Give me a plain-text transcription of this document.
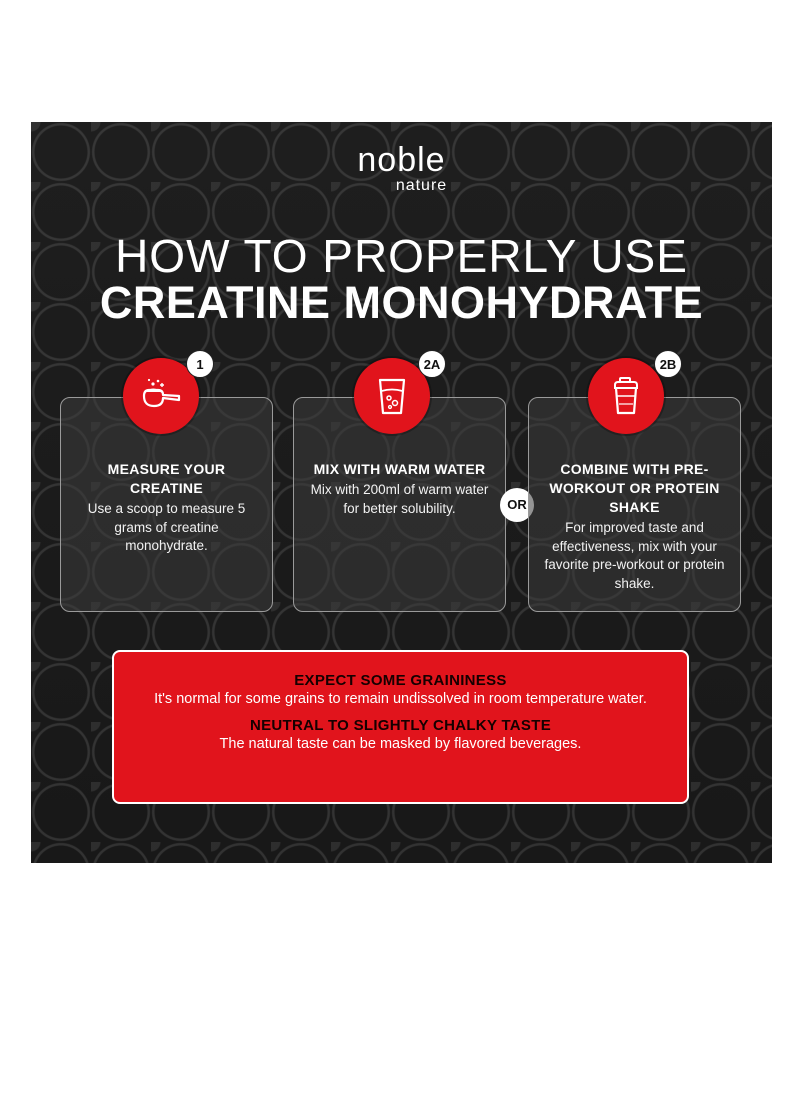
noble
nature
HOW TO PROPERLY USE
CREATINE MONOHYDRATE
MEASURE YOUR CREATINE
Use a scoop to measure 5 grams of creatine monohydrate.
1
MIX WITH WARM WATER
Mix with 200ml of warm water for better solubility.
2A
OR
COMBINE WITH PRE-WORKOUT OR PROTEIN SHAKE
For improved taste and effectiveness, mix with your favorite pre-workout or protein shake.
2B
EXPECT SOME GRAININESS
It's normal for some grains to remain undissolved in room temperature water.
NEUTRAL TO SLIGHTLY CHALKY TASTE
The natural taste can be masked by flavored beverages.
